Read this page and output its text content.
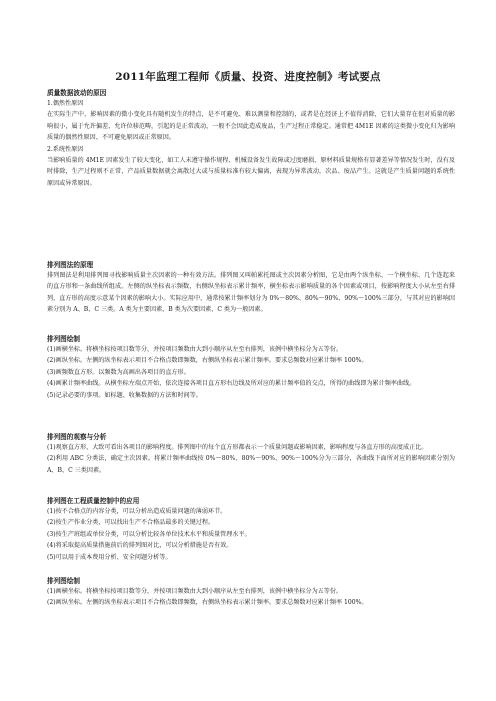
2011年监理工程师《质量、投资、进度控制》考试要点

质量数据波动的原因

1.偶然性原因

在实际生产中，影响因素的微小变化具有随机发生的特点，是不可避免、难以测量和控制的，或者是在经济上不值得消除，它们大量存在但对质量的影响很小，属于允许偏差、允许位移范畴，引起的是正常波动，一般不会因此造成废品，生产过程正常稳定。通常把 4M1E 因素的这类微小变化归为影响质量的偶然性原因、不可避免原因或正常原因。

2.系统性原因

当影响质量的 4M1E 因素发生了较大变化，如工人未遵守操作规程、机械设备发生故障或过度磨损、原材料质量规格有显著差异等情况发生时，没有及时排除，生产过程则不正常，产品质量数据就会离散过大或与质量标准有较大偏离，表现为异常波动，次品、废品产生。这就是产生质量问题的系统性原因或异常原因。

排列图法的原理

排列图法是利用排列图寻找影响质量主次因素的一种有效方法。排列图又叫帕累托图或主次因素分析图，它是由两个纵坐标、一个横坐标、几个连起来的直方形和一条曲线所组成。左侧的纵坐标表示频数，右侧纵坐标表示累计频率，横坐标表示影响质量的各个因素或项目，按影响程度大小从左至右排列，直方形的高度示意某个因素的影响大小。实际应用中，通常按累计频率划分为 0%～80%、80%～90%、90%～100%三部分，与其对应的影响因素分别为 A、B、C 三类。A 类为主要因素，B 类为次要因素，C 类为一般因素。

排列图绘制

(1)画横坐标。将横坐标按项目数等分，并按项目频数由大到小顺序从左至右排列，该例中横坐标分为五等份。

(2)画纵坐标。左侧的纵坐标表示项目不合格点数即频数，右侧纵坐标表示累计频率。要求总频数对应累计频率 100%。

(3)画频数直方形。以频数为高画出各项目的直方形。

(4)画累计频率曲线。从横坐标左端点开始，依次连接各项目直方形右边线及所对应的累计频率值的交点，所得的曲线即为累计频率曲线。

(5)记录必要的事项。如标题、收集数据的方法和时间等。

排列图的观察与分析

(1)观察直方形，大致可看出各项目的影响程度。排列图中的每个直方形都表示一个质量问题或影响因素，影响程度与各直方形的高度成正比。

(2)利用 ABC 分类法，确定主次因素。将累计频率曲线按 0%～80%、80%～90%、90%～100%分为三部分，各曲线下面所对应的影响因素分别为 A、B、C 三类因素。

排列图在工程质量控制中的应用

(1)按不合格点的内容分类，可以分析出造成质量问题的薄弱环节。

(2)按生产作业分类，可以找出生产不合格品最多的关键过程。

(3)按生产班组或单位分类，可以分析比较各单位技术水平和质量管理水平。

(4)将采取提高质量措施前后的排列图对比，可以分析措施是否有效。

(5)可以用于成本费用分析、安全问题分析等。

排列图绘制

(1)画横坐标。将横坐标按项目数等分，并按项目频数由大到小顺序从左至右排列，该例中横坐标分为五等份。

(2)画纵坐标。左侧的纵坐标表示项目不合格点数即频数，右侧纵坐标表示累计频率。要求总频数对应累计频率 100%。
